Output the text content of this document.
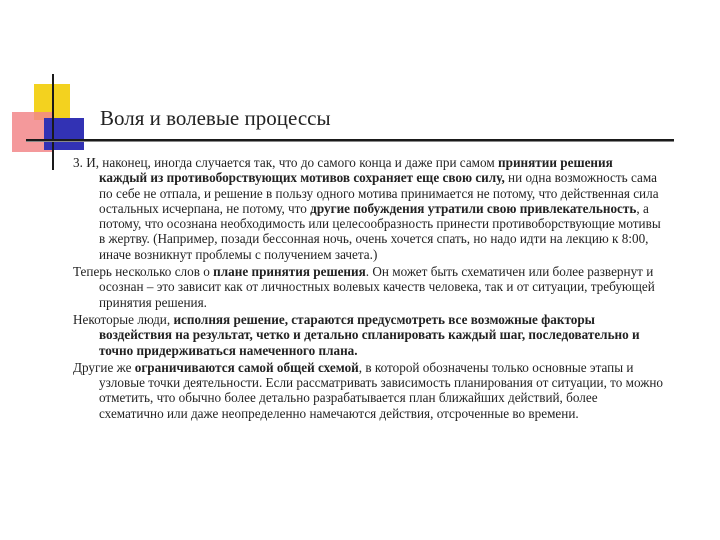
Воля и волевые процессы

3. И, наконец, иногда случается так, что до самого конца и даже при самом принятии решения каждый из противоборствующих мотивов сохраняет еще свою силу, ни одна возможность сама по себе не отпала, и решение в пользу одного мотива принимается не потому, что действенная сила остальных исчерпана, не потому, что другие побуждения утратили свою привлекательность, а потому, что осознана необходимость или целесообразность принести противоборствующие мотивы в жертву. (Например, позади бессонная ночь, очень хочется спать, но надо идти на лекцию к 8:00, иначе возникнут проблемы с получением зачета.)

Теперь несколько слов о плане принятия решения. Он может быть схематичен или более развернут и осознан – это зависит как от личностных волевых качеств человека, так и от ситуации, требующей принятия решения.

Некоторые люди, исполняя решение, стараются предусмотреть все возможные факторы воздействия на результат, четко и детально спланировать каждый шаг, последовательно и точно придерживаться намеченного плана.

Другие же ограничиваются самой общей схемой, в которой обозначены только основные этапы и узловые точки деятельности. Если рассматривать зависимость планирования от ситуации, то можно отметить, что обычно более детально разрабатывается план ближайших действий, более схематично или даже неопределенно намечаются действия, отсроченные во времени.
